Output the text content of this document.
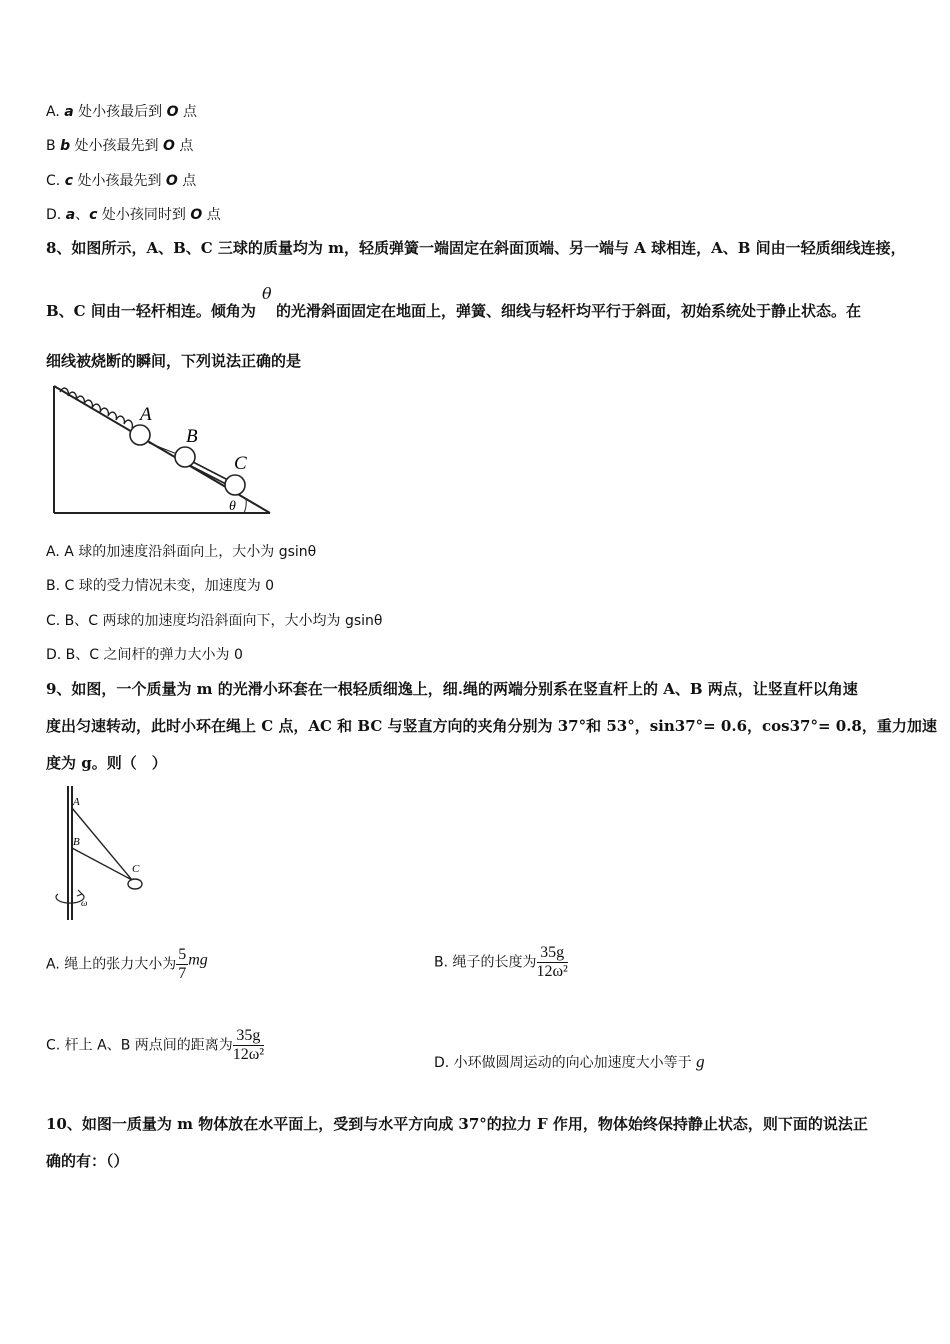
A. a 处小孩最后到 O 点
B b 处小孩最先到 O 点
C. c 处小孩最先到 O 点
D. a、c 处小孩同时到 O 点
8、如图所示，A、B、C 三球的质量均为 m，轻质弹簧一端固定在斜面顶端、另一端与 A 球相连，A、B 间由一轻质细线连接，
B、C 间由一轻杆相连。倾角为
θ
的光滑斜面固定在地面上，弹簧、细线与轻杆均平行于斜面，初始系统处于静止状态。在
细线被烧断的瞬间，下列说法正确的是
A
B
C
θ
A. A 球的加速度沿斜面向上，大小为 gsinθ
B. C 球的受力情况未变，加速度为 0
C. B、C 两球的加速度均沿斜面向下，大小均为 gsinθ
D. B、C 之间杆的弹力大小为 0
9、如图，一个质量为 m 的光滑小环套在一根轻质细逸上，细.绳的两端分别系在竖直杆上的 A、B 两点，让竖直杆以角速
度出匀速转动，此时小环在绳上 C 点，AC 和 BC 与竖直方向的夹角分别为 37°和 53°，sin37°= 0.6，cos37°= 0.8，重力加速
度为 g。则（　）
A
B
C
ω
A. 绳上的张力大小为 $\frac{5}{7}$ mg	B. 绳子的长度为 $\frac{35g}{\text{12ω²}}$
C. 杆上 A、B 两点间的距离为 $\frac{35g}{\text{12ω²}}$	D. 小环做圆周运动的向心加速度大小等于 g
10、如图一质量为 m 物体放在水平面上，受到与水平方向成 37°的拉力 F 作用，物体始终保持静止状态，则下面的说法正
确的有：（）
